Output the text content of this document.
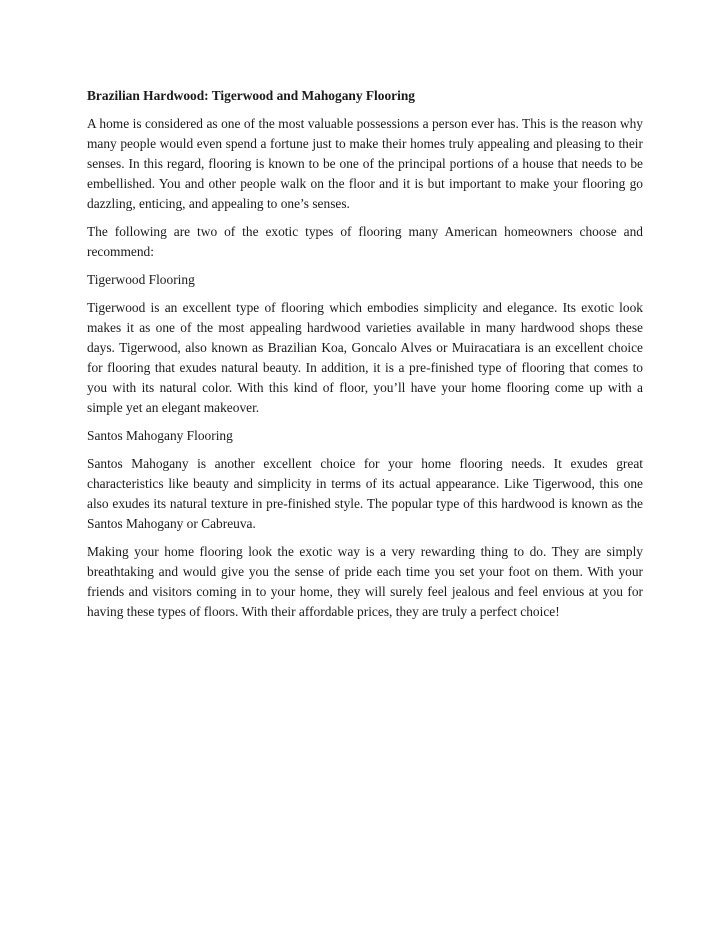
Brazilian Hardwood: Tigerwood and Mahogany Flooring

A home is considered as one of the most valuable possessions a person ever has. This is the reason why many people would even spend a fortune just to make their homes truly appealing and pleasing to their senses. In this regard, flooring is known to be one of the principal portions of a house that needs to be embellished. You and other people walk on the floor and it is but important to make your flooring go dazzling, enticing, and appealing to one’s senses.

The following are two of the exotic types of flooring many American homeowners choose and recommend:

Tigerwood Flooring

Tigerwood is an excellent type of flooring which embodies simplicity and elegance. Its exotic look makes it as one of the most appealing hardwood varieties available in many hardwood shops these days. Tigerwood, also known as Brazilian Koa, Goncalo Alves or Muiracatiara is an excellent choice for flooring that exudes natural beauty. In addition, it is a pre-finished type of flooring that comes to you with its natural color. With this kind of floor, you’ll have your home flooring come up with a simple yet an elegant makeover.

Santos Mahogany Flooring

Santos Mahogany is another excellent choice for your home flooring needs. It exudes great characteristics like beauty and simplicity in terms of its actual appearance. Like Tigerwood, this one also exudes its natural texture in pre-finished style. The popular type of this hardwood is known as the Santos Mahogany or Cabreuva.

Making your home flooring look the exotic way is a very rewarding thing to do. They are simply breathtaking and would give you the sense of pride each time you set your foot on them. With your friends and visitors coming in to your home, they will surely feel jealous and feel envious at you for having these types of floors. With their affordable prices, they are truly a perfect choice!
